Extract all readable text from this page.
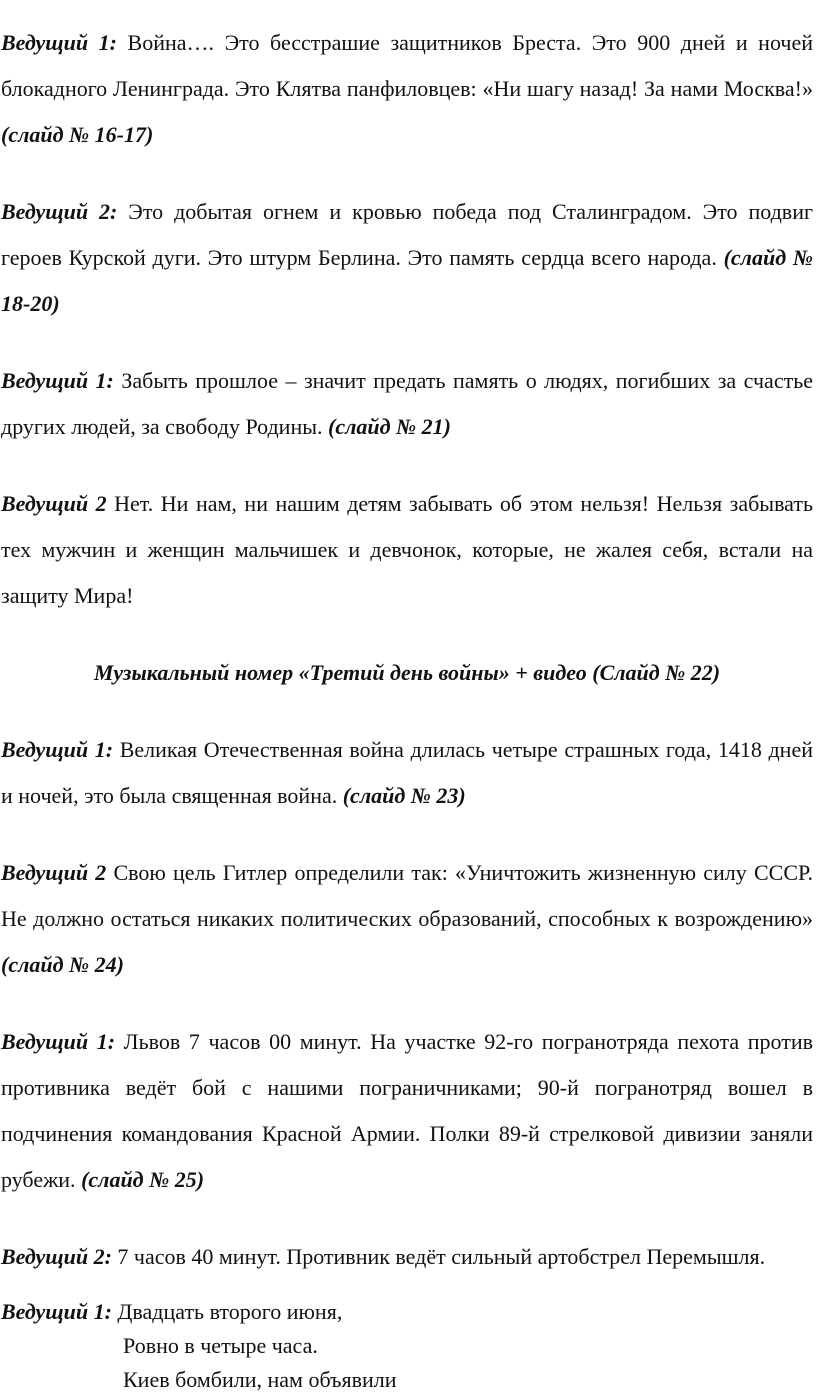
Ведущий 1: Война…. Это бесстрашие защитников Бреста. Это 900 дней и ночей блокадного Ленинграда. Это Клятва панфиловцев: «Ни шагу назад! За нами Москва!» (слайд № 16-17)

Ведущий 2: Это добытая огнем и кровью победа под Сталинградом. Это подвиг героев Курской дуги. Это штурм Берлина. Это память сердца всего народа. (слайд № 18-20)

Ведущий 1: Забыть прошлое – значит предать память о людях, погибших за счастье других людей, за свободу Родины. (слайд № 21)

Ведущий 2 Нет. Ни нам, ни нашим детям забывать об этом нельзя! Нельзя забывать тех мужчин и женщин мальчишек и девчонок, которые, не жалея себя, встали на защиту Мира!

Музыкальный номер «Третий день войны» + видео (Слайд № 22)

Ведущий 1: Великая Отечественная война длилась четыре страшных года, 1418 дней и ночей, это была священная война. (слайд № 23)

Ведущий 2 Свою цель Гитлер определили так: «Уничтожить жизненную силу СССР. Не должно остаться никаких политических образований, способных к возрождению» (слайд № 24)

Ведущий 1: Львов 7 часов 00 минут. На участке 92-го погранотряда пехота против противника ведёт бой с нашими пограничниками; 90-й погранотряд вошел в подчинения командования Красной Армии. Полки 89-й стрелковой дивизии заняли рубежи. (слайд № 25)

Ведущий 2: 7 часов 40 минут. Противник ведёт сильный артобстрел Перемышля.

Ведущий 1: Двадцать второго июня,
Ровно в четыре часа.
Киев бомбили, нам объявили
